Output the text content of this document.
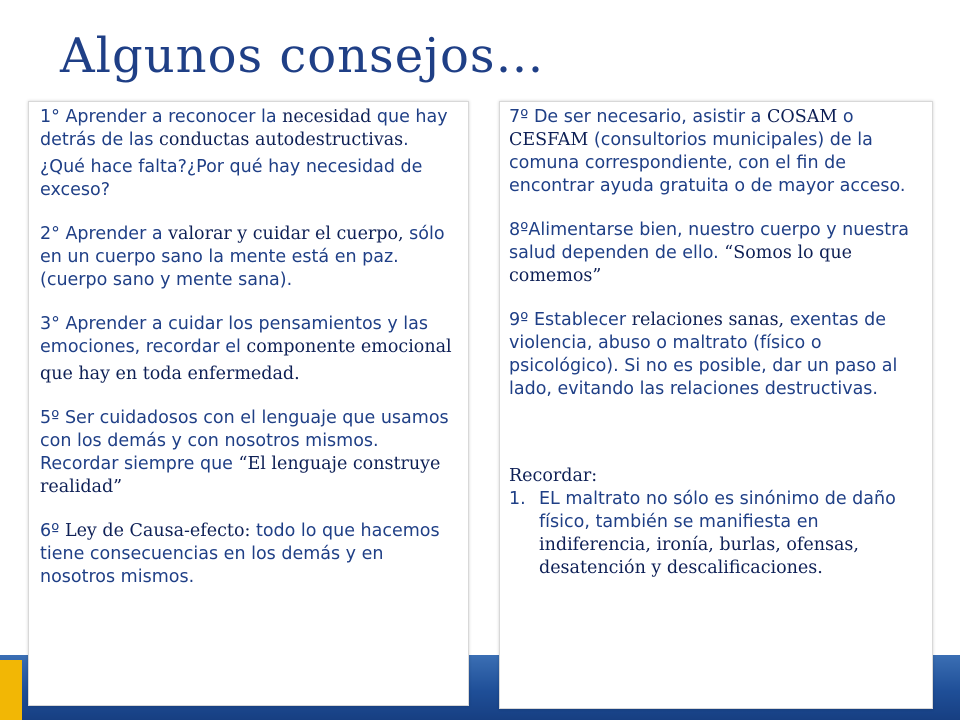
Algunos consejos…

1° Aprender a reconocer la necesidad que hay detrás de las conductas autodestructivas.

¿Qué hace falta?¿Por qué hay necesidad de exceso?

2° Aprender a valorar y cuidar el cuerpo, sólo en un cuerpo sano la mente está en paz. (cuerpo sano y mente sana).

3° Aprender a cuidar los pensamientos y las emociones, recordar el componente emocional

que hay en toda enfermedad.

5º Ser cuidadosos con el lenguaje que usamos con los demás y con nosotros mismos. Recordar siempre que “El lenguaje construye realidad”

6º Ley de Causa-efecto: todo lo que hacemos tiene consecuencias en los demás y en nosotros mismos.

7º De ser necesario, asistir a COSAM o CESFAM (consultorios municipales) de la comuna correspondiente, con el fin de encontrar ayuda gratuita o de mayor acceso.

8ºAlimentarse bien, nuestro cuerpo y nuestra salud dependen de ello. “Somos lo que comemos”

9º Establecer relaciones sanas, exentas de violencia, abuso o maltrato (físico o psicológico). Si no es posible, dar un paso al lado, evitando las relaciones destructivas.

Recordar:

1. EL maltrato no sólo es sinónimo de daño físico, también se manifiesta en indiferencia, ironía, burlas, ofensas, desatención y descalificaciones.
